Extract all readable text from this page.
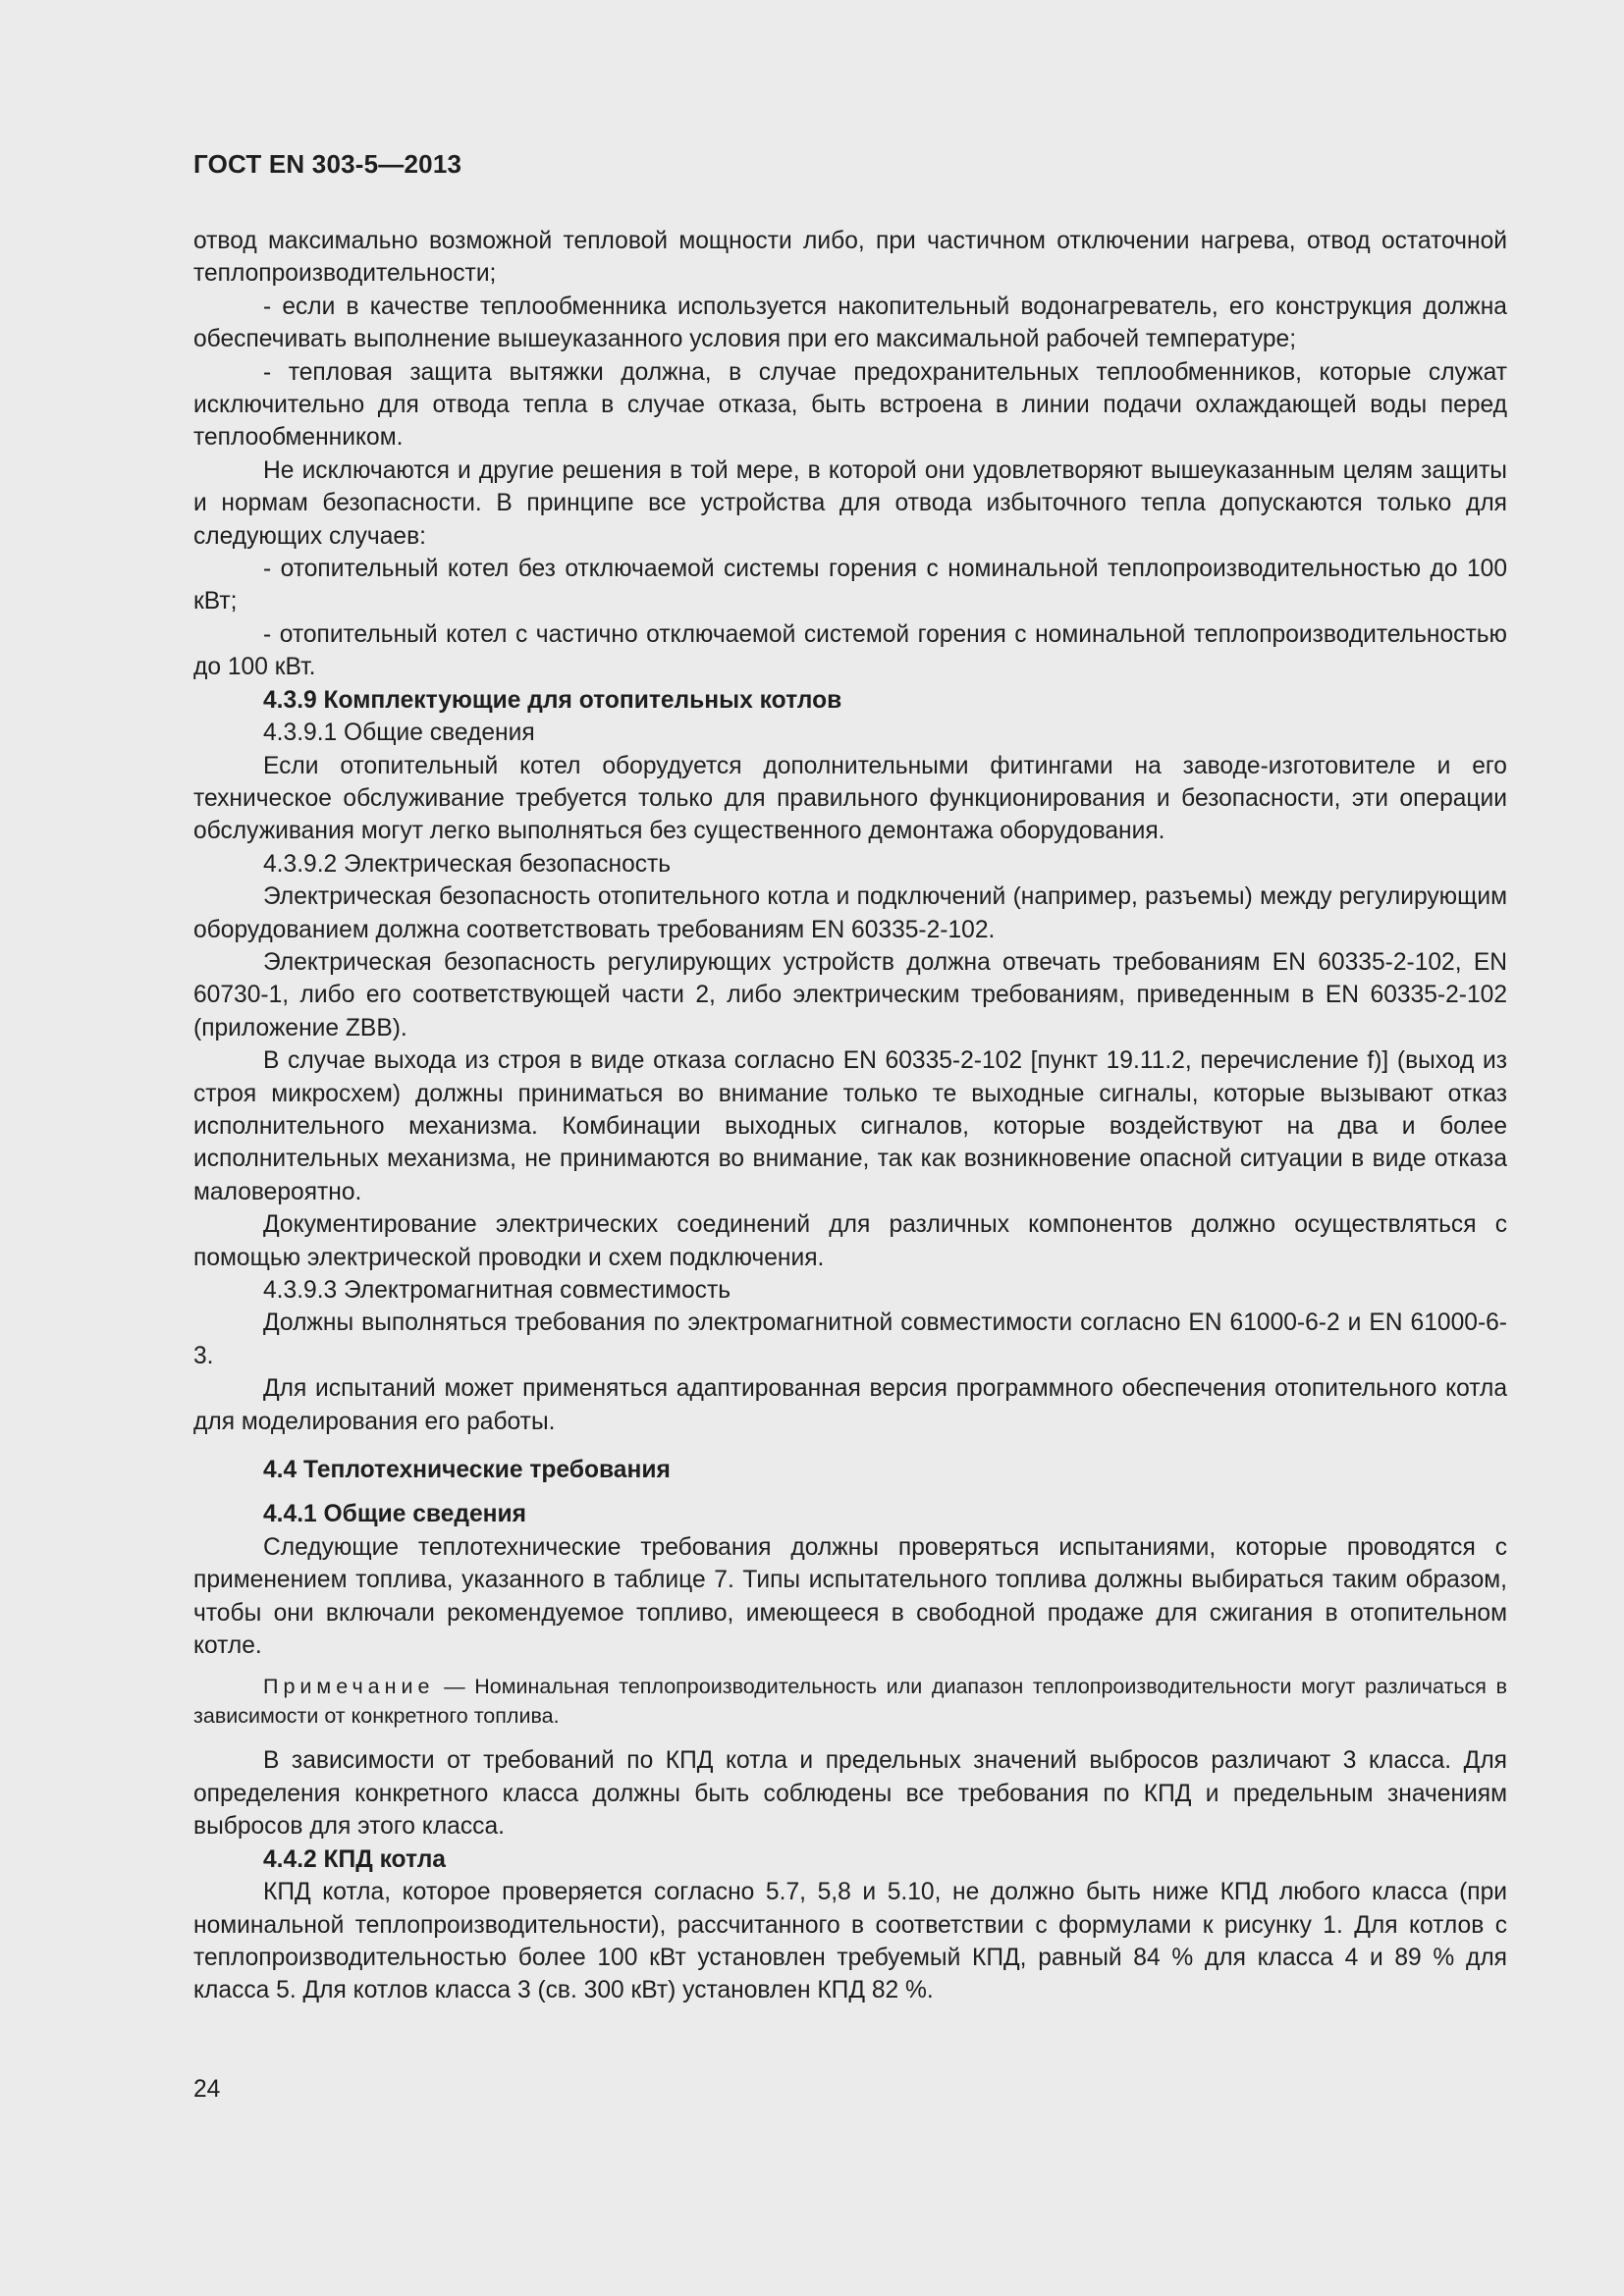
ГОСТ EN 303-5—2013

отвод максимально возможной тепловой мощности либо, при частичном отключении нагрева, отвод остаточной теплопроизводительности;

- если в качестве теплообменника используется накопительный водонагреватель, его конструкция должна обеспечивать выполнение вышеуказанного условия при его максимальной рабочей температуре;

- тепловая защита вытяжки должна, в случае предохранительных теплообменников, которые служат исключительно для отвода тепла в случае отказа, быть встроена в линии подачи охлаждающей воды перед теплообменником.

Не исключаются и другие решения в той мере, в которой они удовлетворяют вышеуказанным целям защиты и нормам безопасности. В принципе все устройства для отвода избыточного тепла допускаются только для следующих случаев:

- отопительный котел без отключаемой системы горения с номинальной теплопроизводительностью до 100 кВт;

- отопительный котел с частично отключаемой системой горения с номинальной теплопроизводительностью до 100 кВт.

4.3.9 Комплектующие для отопительных котлов

4.3.9.1 Общие сведения

Если отопительный котел оборудуется дополнительными фитингами на заводе-изготовителе и его техническое обслуживание требуется только для правильного функционирования и безопасности, эти операции обслуживания могут легко выполняться без существенного демонтажа оборудования.

4.3.9.2 Электрическая безопасность

Электрическая безопасность отопительного котла и подключений (например, разъемы) между регулирующим оборудованием должна соответствовать требованиям EN 60335-2-102.

Электрическая безопасность регулирующих устройств должна отвечать требованиям EN 60335-2-102, EN 60730-1, либо его соответствующей части 2, либо электрическим требованиям, приведенным в EN 60335-2-102 (приложение ZBB).

В случае выхода из строя в виде отказа согласно EN 60335-2-102 [пункт 19.11.2, перечисление f)] (выход из строя микросхем) должны приниматься во внимание только те выходные сигналы, которые вызывают отказ исполнительного механизма. Комбинации выходных сигналов, которые воздействуют на два и более исполнительных механизма, не принимаются во внимание, так как возникновение опасной ситуации в виде отказа маловероятно.

Документирование электрических соединений для различных компонентов должно осуществляться с помощью электрической проводки и схем подключения.

4.3.9.3 Электромагнитная совместимость

Должны выполняться требования по электромагнитной совместимости согласно EN 61000-6-2 и EN 61000-6-3.

Для испытаний может применяться адаптированная версия программного обеспечения отопительного котла для моделирования его работы.

4.4 Теплотехнические требования

4.4.1 Общие сведения

Следующие теплотехнические требования должны проверяться испытаниями, которые проводятся с применением топлива, указанного в таблице 7. Типы испытательного топлива должны выбираться таким образом, чтобы они включали рекомендуемое топливо, имеющееся в свободной продаже для сжигания в отопительном котле.

Примечание — Номинальная теплопроизводительность или диапазон теплопроизводительности могут различаться в зависимости от конкретного топлива.

В зависимости от требований по КПД котла и предельных значений выбросов различают 3 класса. Для определения конкретного класса должны быть соблюдены все требования по КПД и предельным значениям выбросов для этого класса.

4.4.2 КПД котла

КПД котла, которое проверяется согласно 5.7, 5,8 и 5.10, не должно быть ниже КПД любого класса (при номинальной теплопроизводительности), рассчитанного в соответствии с формулами к рисунку 1. Для котлов с теплопроизводительностью более 100 кВт установлен требуемый КПД, равный 84 % для класса 4 и 89 % для класса 5. Для котлов класса 3 (св. 300 кВт) установлен КПД 82 %.

24
